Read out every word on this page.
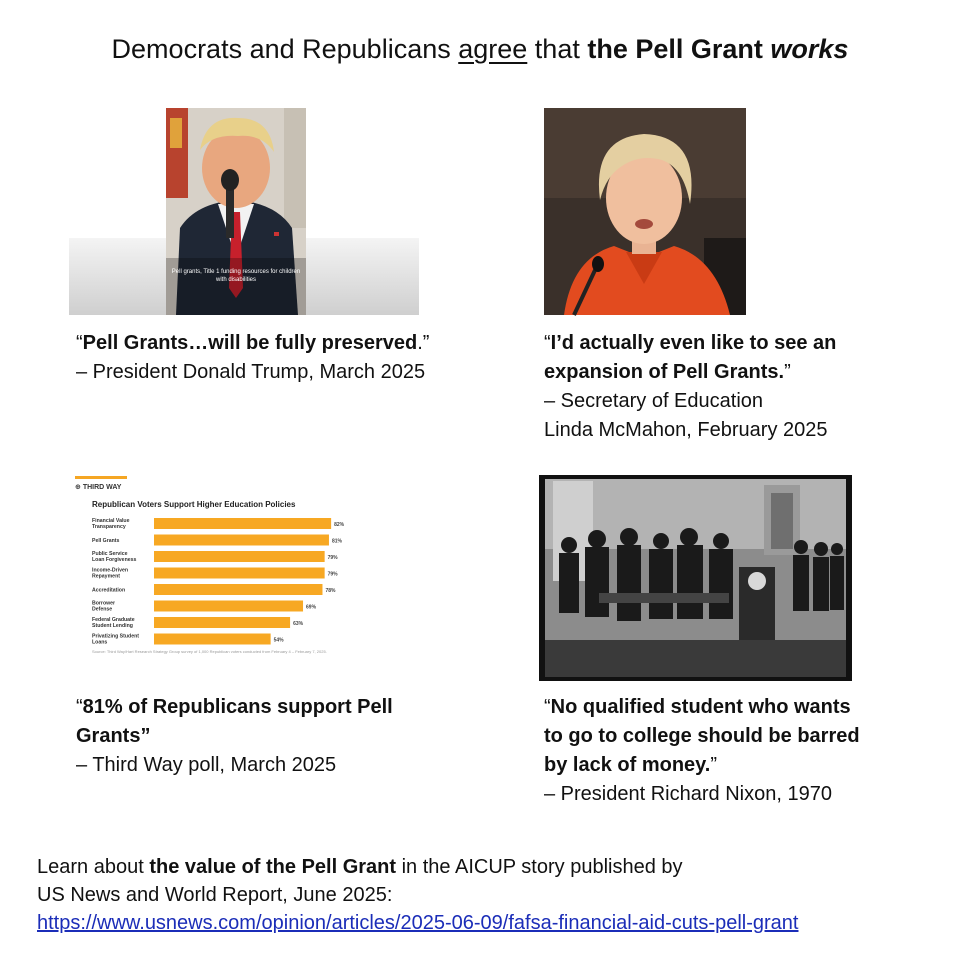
Democrats and Republicans agree that the Pell Grant works
Pell grants, Title 1 funding resources for children with disabilities
“Pell Grants…will be fully preserved.”
– President Donald Trump, March 2025
“I’d actually even like to see an
expansion of Pell Grants.”
– Secretary of Education
Linda McMahon, February 2025
⊕ THIRD WAY
Republican Voters Support Higher Education Policies
Financial Value Transparency	82%
Pell Grants	81%
Public Service Loan Forgiveness	79%
Income-Driven Repayment	79%
Accreditation	78%
Borrower Defense	69%
Federal Graduate Student Lending	63%
Privatizing Student Loans	54%
Source: Third Way/Hart Research Strategy Group survey of 1,000 Republican voters conducted from February 4 – February 7, 2025.
“81% of Republicans support Pell
Grants”
– Third Way poll, March 2025
“No qualified student who wants
to go to college should be barred
by lack of money.”
– President Richard Nixon, 1970
Learn about the value of the Pell Grant in the AICUP story published by
US News and World Report, June 2025:
https://www.usnews.com/opinion/articles/2025-06-09/fafsa-financial-aid-cuts-pell-grant
